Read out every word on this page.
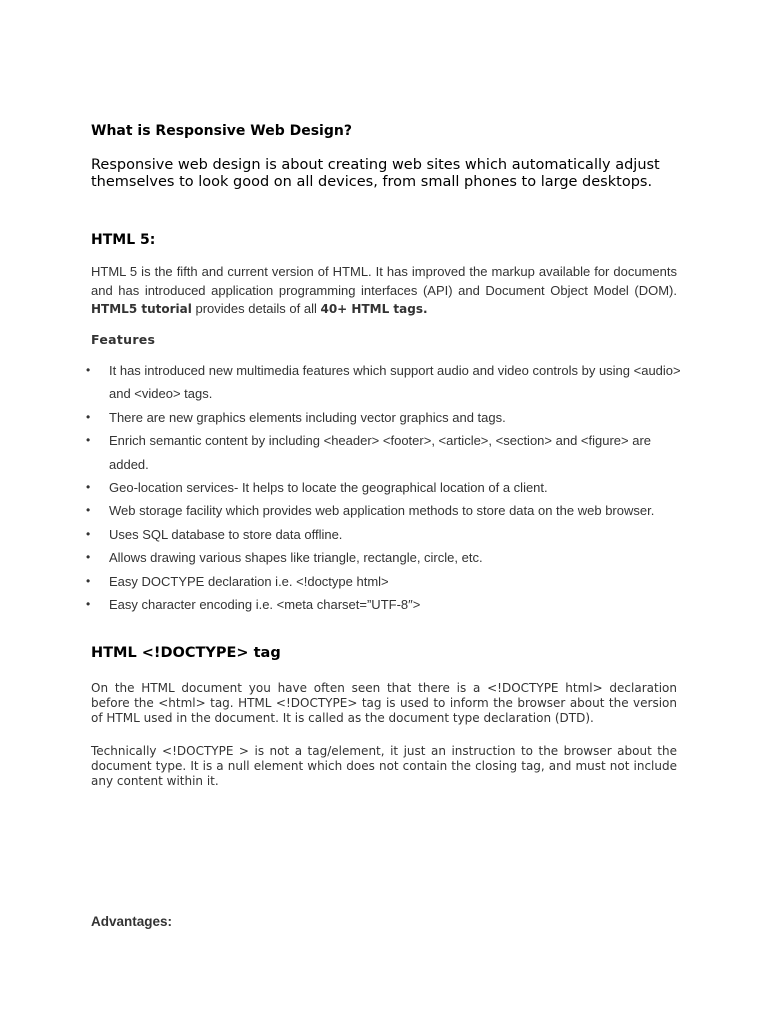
What is Responsive Web Design?

Responsive web design is about creating web sites which automatically adjust themselves to look good on all devices, from small phones to large desktops.

HTML 5:

HTML 5 is the fifth and current version of HTML. It has improved the markup available for documents and has introduced application programming interfaces (API) and Document Object Model (DOM). HTML5 tutorial provides details of all 40+ HTML tags.

Features
• It has introduced new multimedia features which support audio and video controls by using <audio> and <video> tags.
• There are new graphics elements including vector graphics and tags.
• Enrich semantic content by including <header> <footer>, <article>, <section> and <figure> are added.
• Geo-location services- It helps to locate the geographical location of a client.
• Web storage facility which provides web application methods to store data on the web browser.
• Uses SQL database to store data offline.
• Allows drawing various shapes like triangle, rectangle, circle, etc.
• Easy DOCTYPE declaration i.e. <!doctype html>
• Easy character encoding i.e. <meta charset=”UTF-8″>
HTML <!DOCTYPE> tag

On the HTML document you have often seen that there is a <!DOCTYPE html> declaration before the <html> tag. HTML <!DOCTYPE> tag is used to inform the browser about the version of HTML used in the document. It is called as the document type declaration (DTD).

Technically <!DOCTYPE > is not a tag/element, it just an instruction to the browser about the document type. It is a null element which does not contain the closing tag, and must not include any content within it.

Advantages:
